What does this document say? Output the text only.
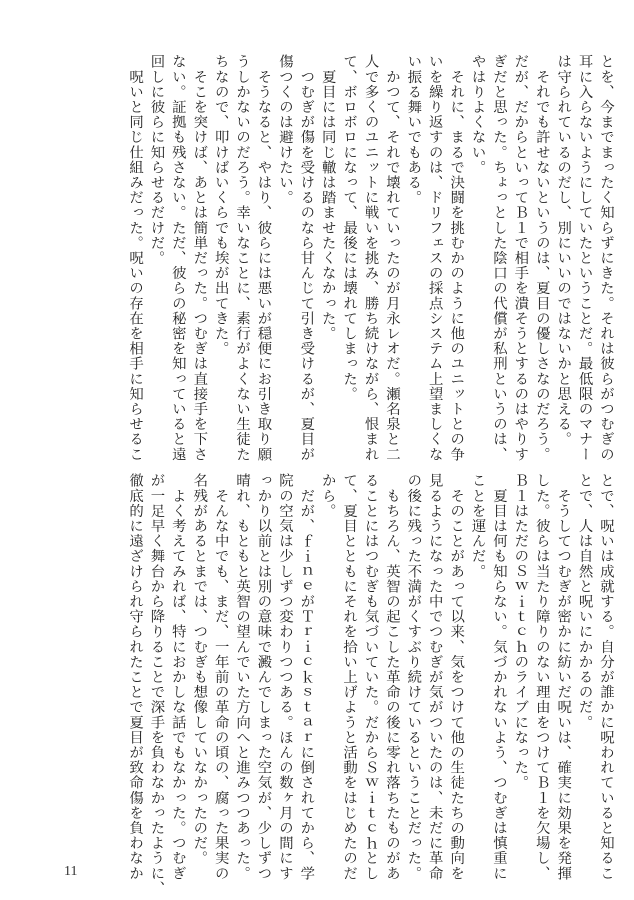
とを、今までまったく知らずにきた。それは彼らがつむぎの
耳に入らないようにしていたということだ。最低限のマナー
は守られているのだし、別にいいのではないかと思える。
　それでも許せないというのは、夏目の優しさなのだろう。
だが、だからといってＢ１で相手を潰そうとするのはやりす
ぎだと思った。ちょっとした陰口の代償が私刑というのは、
やはりよくない。
　それに、まるで決闘を挑むかのように他のユニットとの争
いを繰り返すのは、ドリフェスの採点システム上望ましくな
い振る舞いでもある。
　かつて、それで壊れていったのが月永レオだ。瀬名泉と二
人で多くのユニットに戦いを挑み、勝ち続けながら、恨まれ
て、ボロボロになって、最後には壊れてしまった。
　夏目には同じ轍は踏ませたくなかった。
　つむぎが傷を受けるのなら甘んじて引き受けるが、夏目が
傷つくのは避けたい。
　そうなると、やはり、彼らには悪いが穏便にお引き取り願
うしかないのだろう。幸いなことに、素行がよくない生徒た
ちなので、叩けばいくらでも埃が出てきた。
　そこを突けば、あとは簡単だった。つむぎは直接手を下さ
ない。証拠も残さない。ただ、彼らの秘密を知っていると遠
回しに彼らに知らせるだけだ。
　呪いと同じ仕組みだった。呪いの存在を相手に知らせるこ
とで、呪いは成就する。自分が誰かに呪われていると知るこ
とで、人は自然と呪いにかかるのだ。
　そうしてつむぎが密かに紡いだ呪いは、確実に効果を発揮
した。彼らは当たり障りのない理由をつけてＢ１を欠場し、
Ｂ１はただのＳｗｉｔｃｈのライブになった。
　夏目は何も知らない。気づかれないよう、つむぎは慎重に
ことを運んだ。
　そのことがあって以来、気をつけて他の生徒たちの動向を
見るようになった中でつむぎが気がついたのは、未だに革命
の後に残った不満がくすぶり続けているということだった。
　もちろん、英智の起こした革命の後に零れ落ちたものがあ
ることにはつむぎも気づいていた。だからＳｗｉｔｃｈとし
て、夏目とともにそれを拾い上げようと活動をはじめたのだ
から。
　だが、ｆｉｎｅがＴｒｉｃｋｓｔａｒに倒されてから、学
院の空気は少しずつ変わりつつある。ほんの数ヶ月の間にす
っかり以前とは別の意味で澱んでしまった空気が、少しずつ
晴れ、もともと英智の望んでいた方向へと進みつつあった。
　そんな中でも、まだ、一年前の革命の頃の、腐った果実の
名残があるとまでは、つむぎも想像していなかったのだ。
　よく考えてみれば、特におかしな話でもなかった。つむぎ
が一足早く舞台から降りることで深手を負わなかったように、
徹底的に遠ざけられ守られたことで夏目が致命傷を負わなか
11
